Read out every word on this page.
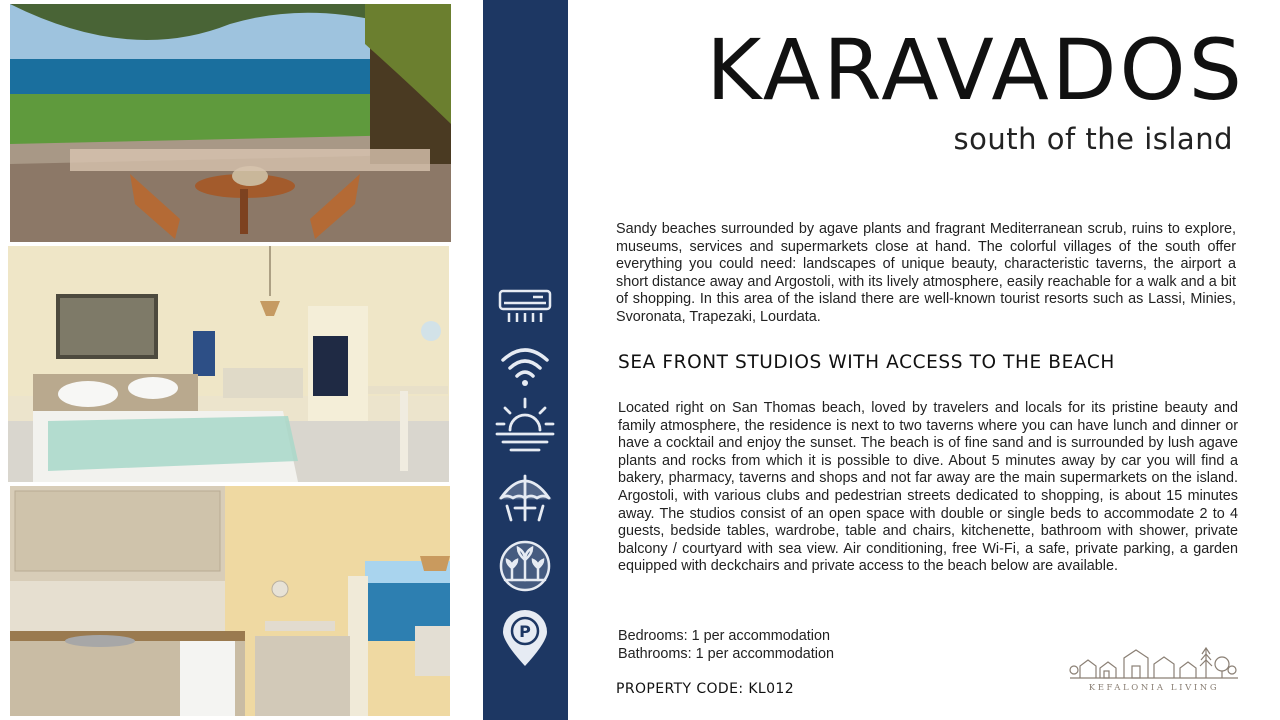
P
KARAVADOS
south of the island

Sandy beaches surrounded by agave plants and fragrant Mediterranean scrub, ruins to explore, museums, services and supermarkets close at hand. The colorful villages of the south offer everything you could need: landscapes of unique beauty, characteristic taverns, the airport a short distance away and Argostoli, with its lively atmosphere, easily reachable for a walk and a bit of shopping. In this area of the island there are well-known tourist resorts such as Lassi, Minies, Svoronata, Trapezaki, Lourdata.

SEA FRONT STUDIOS WITH ACCESS TO THE BEACH

Located right on San Thomas beach, loved by travelers and locals for its pristine beauty and family atmosphere, the residence is next to two taverns where you can have lunch and dinner or have a cocktail and enjoy the sunset. The beach is of fine sand and is surrounded by lush agave plants and rocks from which it is possible to dive. About 5 minutes away by car you will find a bakery, pharmacy, taverns and shops and not far away are the main supermarkets on the island. Argostoli, with various clubs and pedestrian streets dedicated to shopping, is about 15 minutes away. The studios consist of an open space with double or single beds to accommodate 2 to 4 guests, bedside tables, wardrobe, table and chairs, kitchenette, bathroom with shower, private balcony / courtyard with sea view. Air conditioning, free Wi-Fi, a safe, private parking, a garden equipped with deckchairs and private access to the beach below are available.

Bedrooms: 1 per accommodation
Bathrooms: 1 per accommodation
PROPERTY CODE: KL012	KEFALONIA LIVING
